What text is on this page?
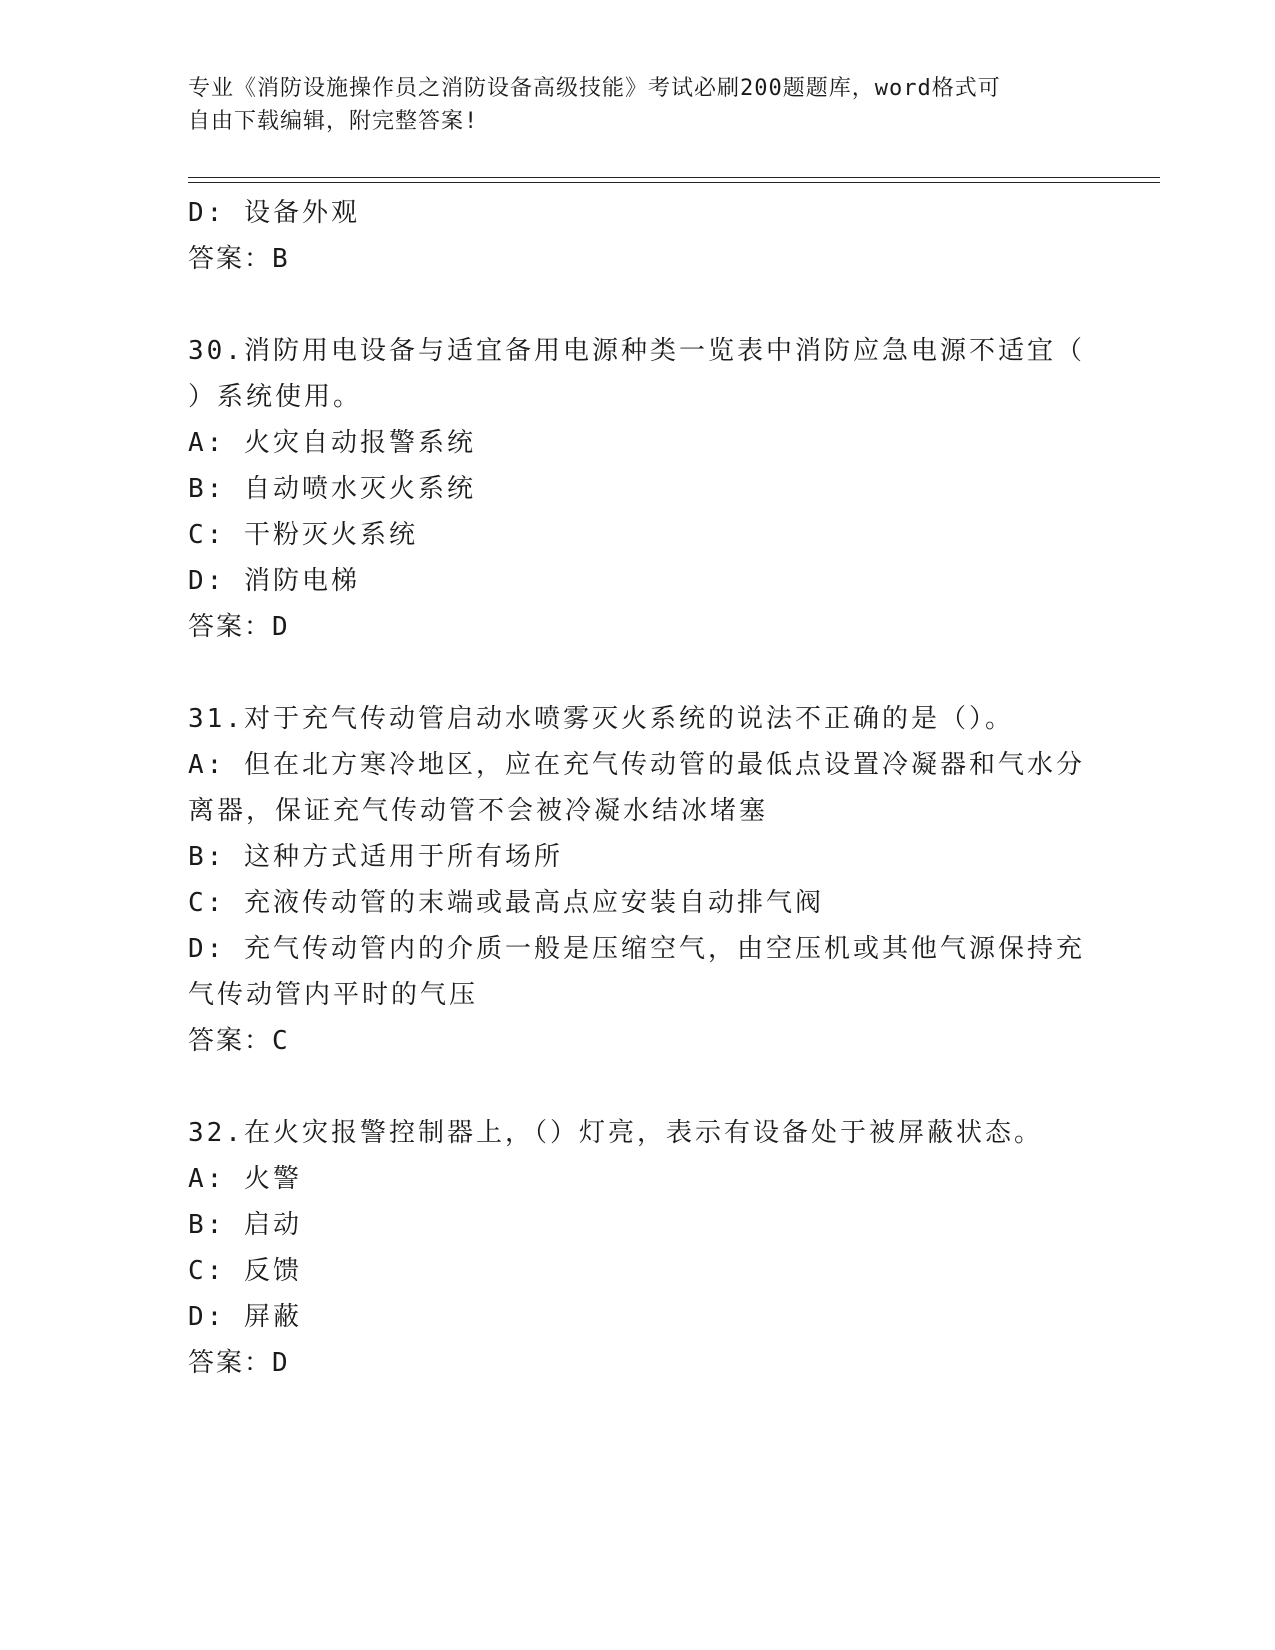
专业《消防设施操作员之消防设备高级技能》考试必刷200题题库，word格式可
自由下载编辑，附完整答案!
D: 设备外观
答案：B
30.消防用电设备与适宜备用电源种类一览表中消防应急电源不适宜（
）系统使用。
A: 火灾自动报警系统
B: 自动喷水灭火系统
C: 干粉灭火系统
D: 消防电梯
答案：D
31.对于充气传动管启动水喷雾灭火系统的说法不正确的是（）。
A: 但在北方寒冷地区，应在充气传动管的最低点设置冷凝器和气水分
离器，保证充气传动管不会被冷凝水结冰堵塞
B: 这种方式适用于所有场所
C: 充液传动管的末端或最高点应安装自动排气阀
D: 充气传动管内的介质一般是压缩空气，由空压机或其他气源保持充
气传动管内平时的气压
答案：C
32.在火灾报警控制器上，（）灯亮，表示有设备处于被屏蔽状态。
A: 火警
B: 启动
C: 反馈
D: 屏蔽
答案：D
